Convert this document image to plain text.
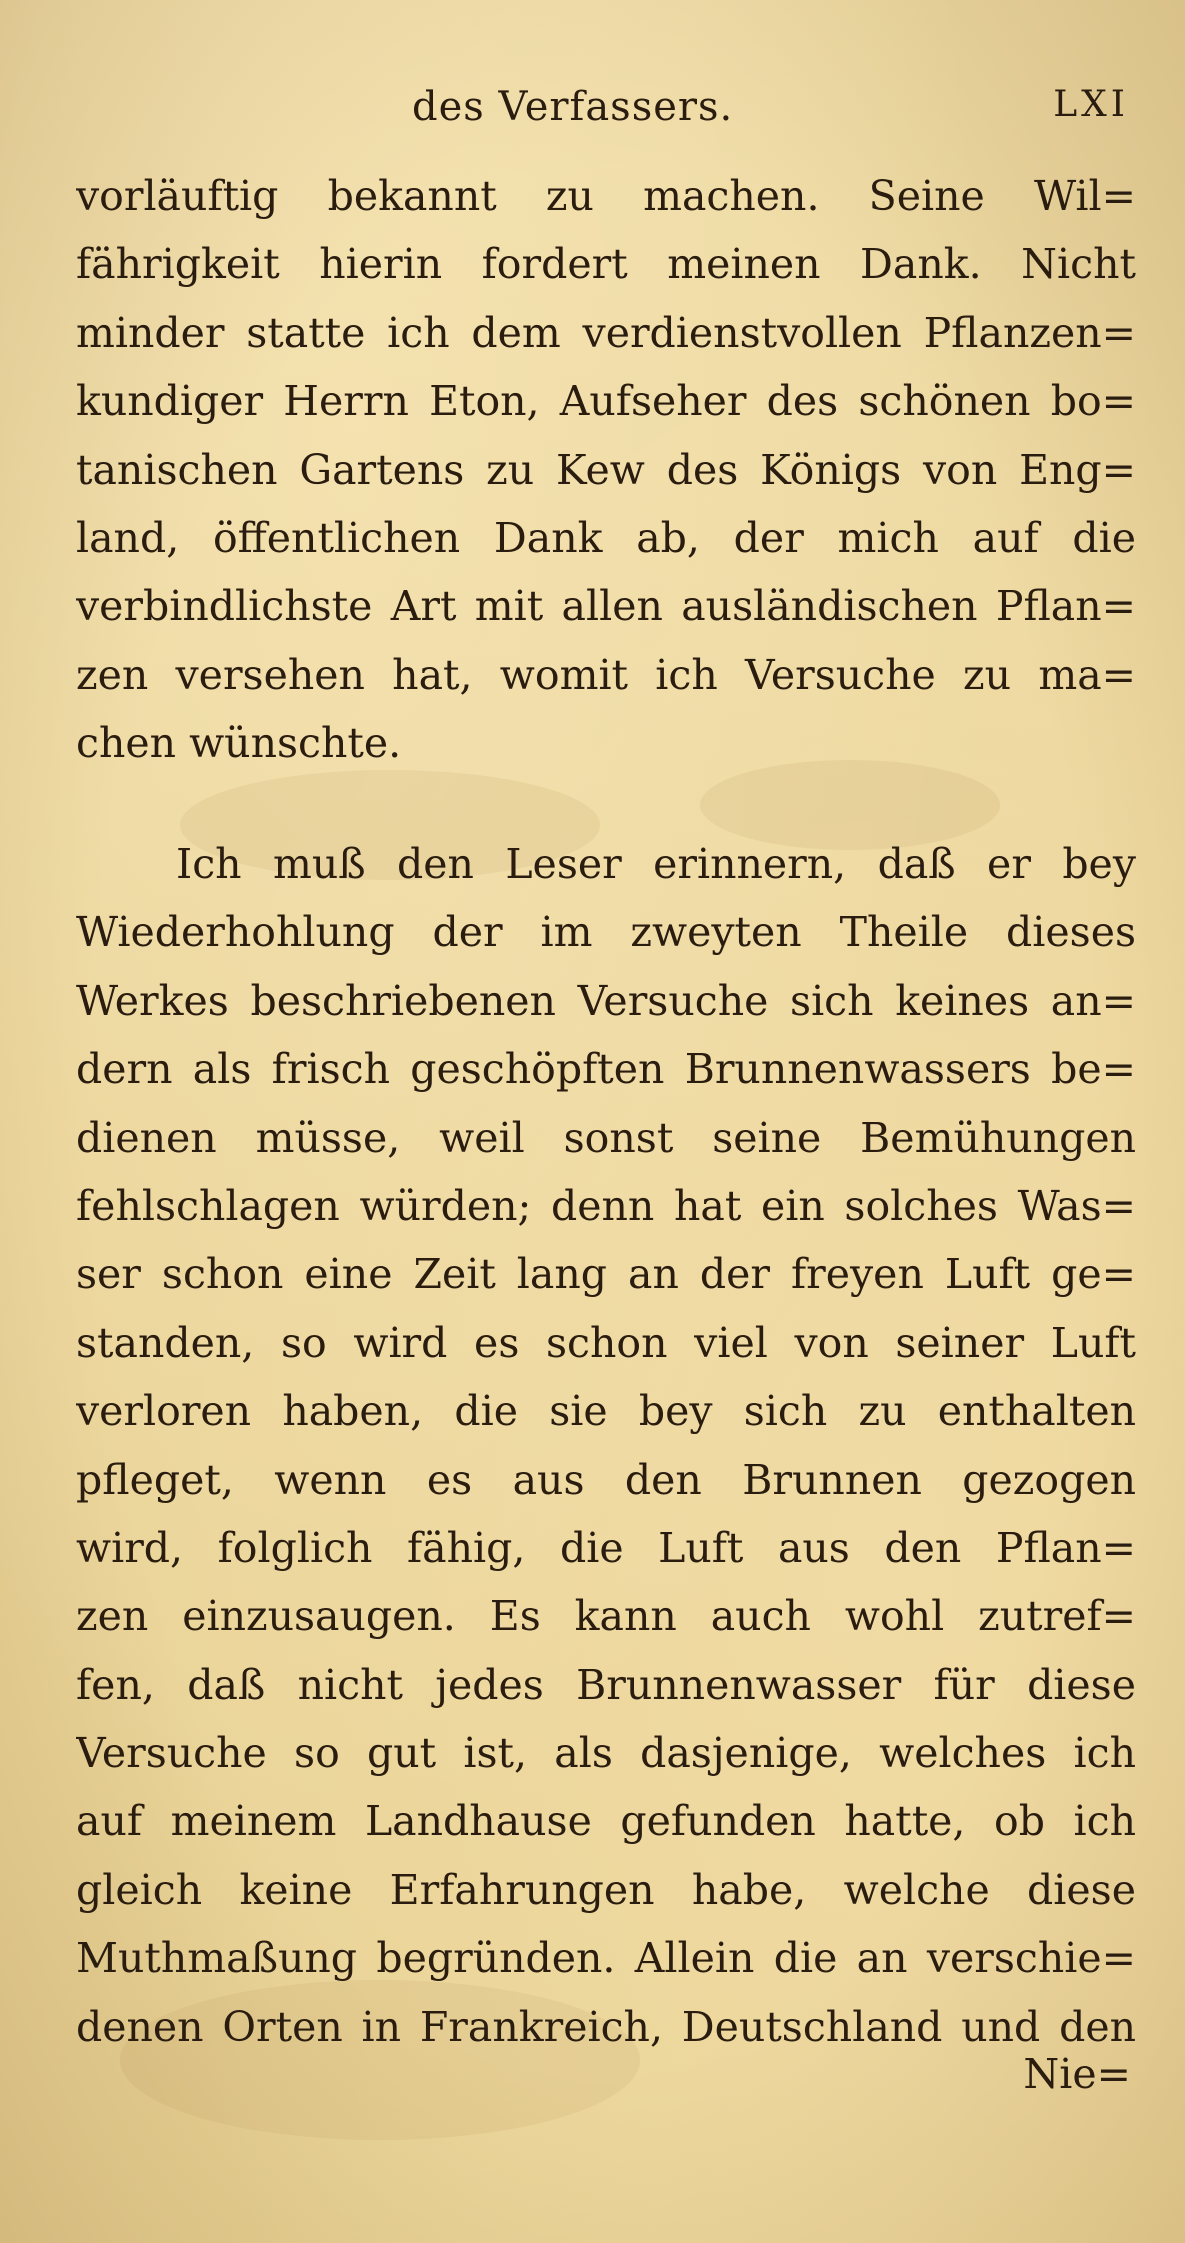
des Verfassers.	LXI
vorläuftig bekannt zu machen. Seine Wil=
fährigkeit hierin fordert meinen Dank. Nicht
minder statte ich dem verdienstvollen Pflanzen=
kundiger Herrn Eton, Aufseher des schönen bo=
tanischen Gartens zu Kew des Königs von Eng=
land, öffentlichen Dank ab, der mich auf die
verbindlichste Art mit allen ausländischen Pflan=
zen versehen hat, womit ich Versuche zu ma=
chen wünschte.
Ich muß den Leser erinnern, daß er bey
Wiederhohlung der im zweyten Theile dieses
Werkes beschriebenen Versuche sich keines an=
dern als frisch geschöpften Brunnenwassers be=
dienen müsse, weil sonst seine Bemühungen
fehlschlagen würden; denn hat ein solches Was=
ser schon eine Zeit lang an der freyen Luft ge=
standen, so wird es schon viel von seiner Luft
verloren haben, die sie bey sich zu enthalten
pfleget, wenn es aus den Brunnen gezogen
wird, folglich fähig, die Luft aus den Pflan=
zen einzusaugen. Es kann auch wohl zutref=
fen, daß nicht jedes Brunnenwasser für diese
Versuche so gut ist, als dasjenige, welches ich
auf meinem Landhause gefunden hatte, ob ich
gleich keine Erfahrungen habe, welche diese
Muthmaßung begründen. Allein die an verschie=
denen Orten in Frankreich, Deutschland und den
Nie=
